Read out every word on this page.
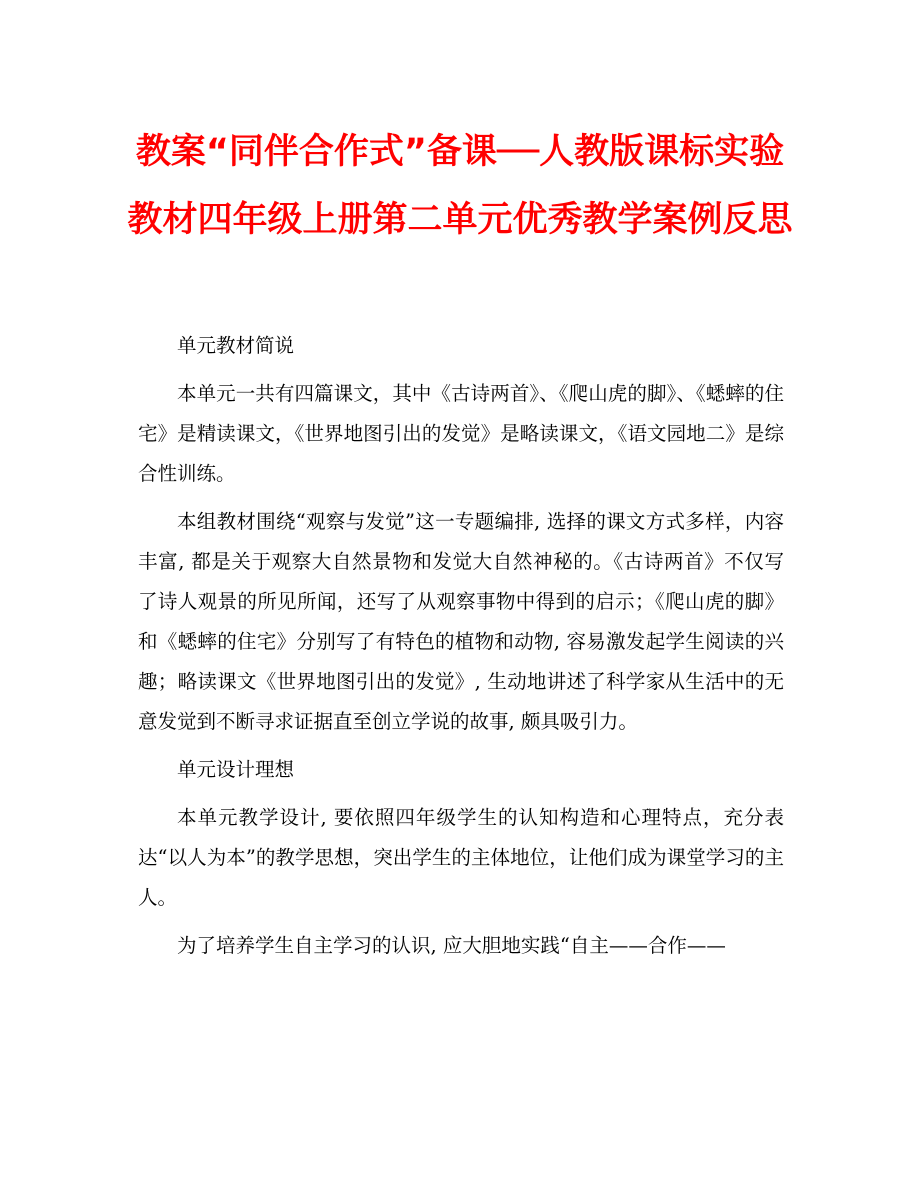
教案“同伴合作式”备课──人教版课标实验教材四年级上册第二单元优秀教学案例反思

单元教材简说

本单元一共有四篇课文，其中《古诗两首》、《爬山虎的脚》、《蟋蟀的住宅》是精读课文，《世界地图引出的发觉》是略读课文，《语文园地二》是综合性训练。

本组教材围绕“观察与发觉”这一专题编排, 选择的课文方式多样，内容丰富, 都是关于观察大自然景物和发觉大自然神秘的。《古诗两首》不仅写了诗人观景的所见所闻，还写了从观察事物中得到的启示；《爬山虎的脚》和《蟋蟀的住宅》分别写了有特色的植物和动物, 容易激发起学生阅读的兴趣；略读课文《世界地图引出的发觉》, 生动地讲述了科学家从生活中的无意发觉到不断寻求证据直至创立学说的故事, 颇具吸引力。

单元设计理想

本单元教学设计, 要依照四年级学生的认知构造和心理特点，充分表达“以人为本”的教学思想，突出学生的主体地位，让他们成为课堂学习的主人。

为了培养学生自主学习的认识, 应大胆地实践“自主——合作——
